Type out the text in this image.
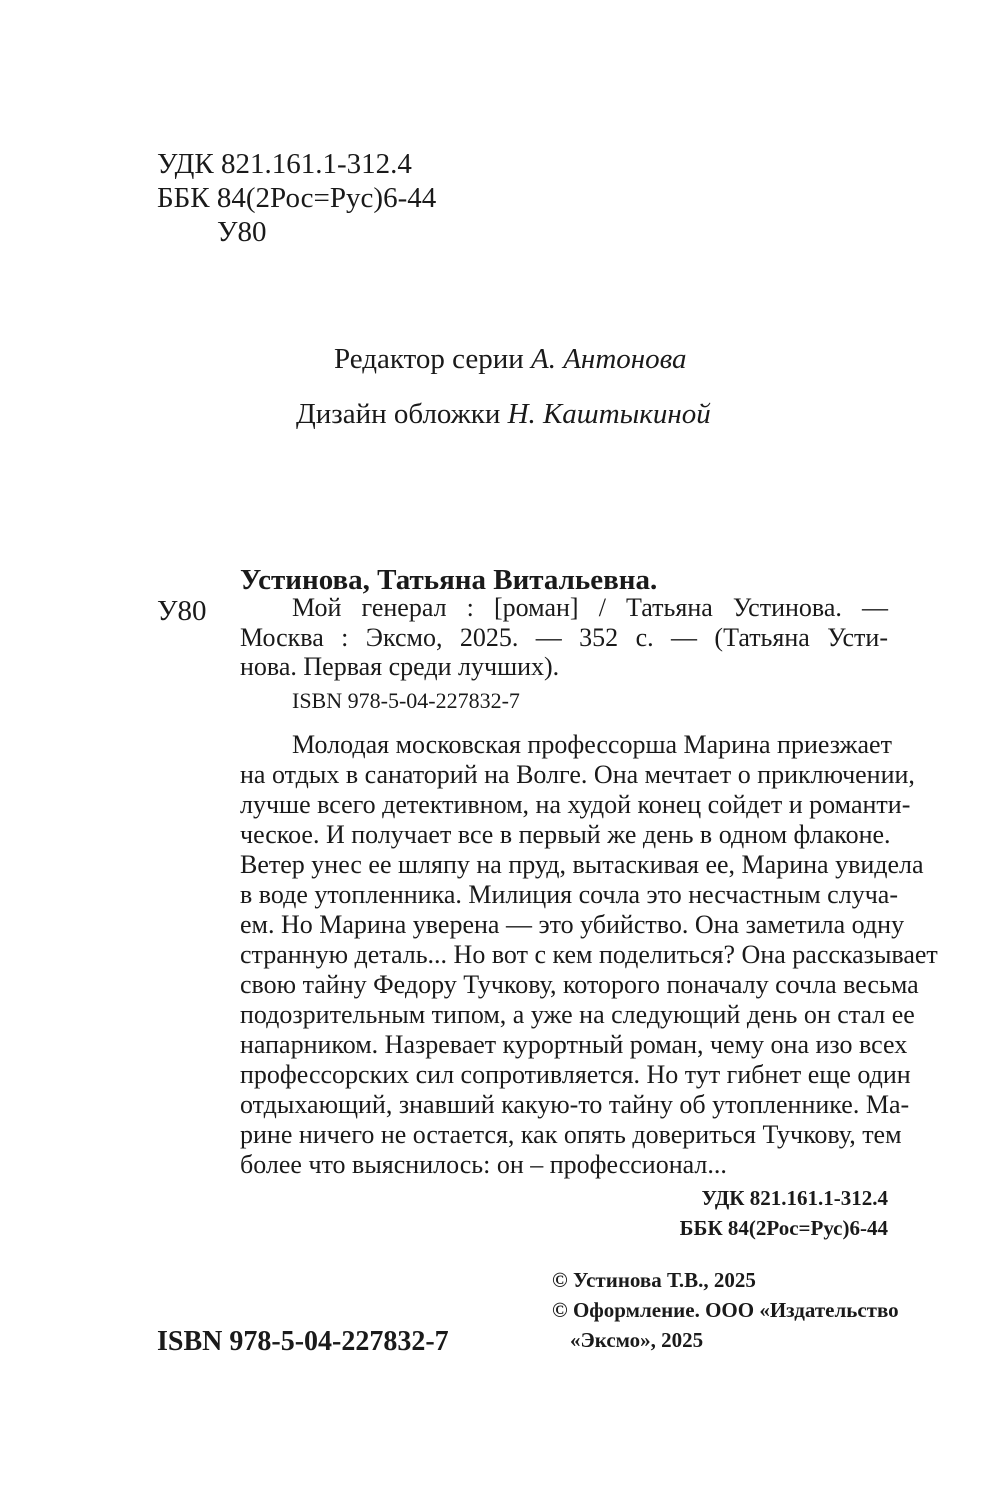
УДК 821.161.1-312.4
ББК 84(2Рос=Рус)6-44
У80
Редактор серии А. Антонова
Дизайн обложки Н. Каштыкиной
У80
Устинова, Татьяна Витальевна.
Мой генерал : [роман] / Татьяна Устинова. —
Москва : Эксмо, 2025. — 352 с. — (Татьяна Усти-
нова. Первая среди лучших).
ISBN 978-5-04-227832-7
Молодая московская профессорша Марина приезжает
на отдых в санаторий на Волге. Она мечтает о приключении,
лучше всего детективном, на худой конец сойдет и романти-
ческое. И получает все в первый же день в одном флаконе.
Ветер унес ее шляпу на пруд, вытаскивая ее, Марина увидела
в воде утопленника. Милиция сочла это несчастным случа-
ем. Но Марина уверена — это убийство. Она заметила одну
странную деталь... Но вот с кем поделиться? Она рассказывает
свою тайну Федору Тучкову, которого поначалу сочла весьма
подозрительным типом, а уже на следующий день он стал ее
напарником. Назревает курортный роман, чему она изо всех
профессорских сил сопротивляется. Но тут гибнет еще один
отдыхающий, знавший какую-то тайну об утопленнике. Ма-
рине ничего не остается, как опять довериться Тучкову, тем
более что выяснилось: он – профессионал...
УДК 821.161.1-312.4
ББК 84(2Рос=Рус)6-44
ISBN 978-5-04-227832-7
© Устинова Т.В., 2025
© Оформление. ООО «Издательство
«Эксмо», 2025
